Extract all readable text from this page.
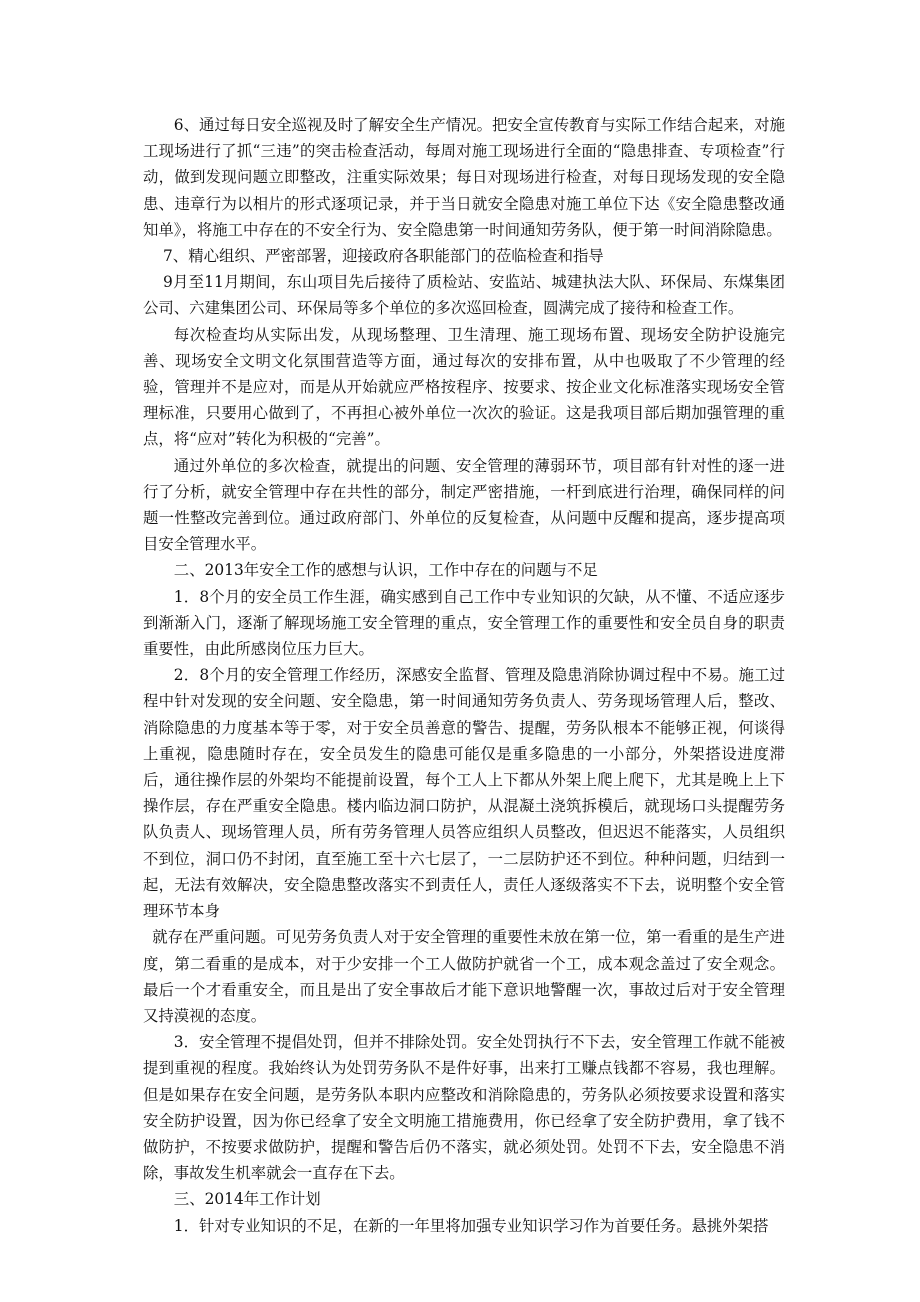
6、通过每日安全巡视及时了解安全生产情况。把安全宣传教育与实际工作结合起来，对施工现场进行了抓“三违”的突击检查活动，每周对施工现场进行全面的“隐患排查、专项检查”行动，做到发现问题立即整改，注重实际效果；每日对现场进行检查，对每日现场发现的安全隐患、违章行为以相片的形式逐项记录，并于当日就安全隐患对施工单位下达《安全隐患整改通知单》，将施工中存在的不安全行为、安全隐患第一时间通知劳务队，便于第一时间消除隐患。

7、精心组织、严密部署，迎接政府各职能部门的莅临检查和指导

9月至11月期间，东山项目先后接待了质检站、安监站、城建执法大队、环保局、东煤集团公司、六建集团公司、环保局等多个单位的多次巡回检查，圆满完成了接待和检查工作。

每次检查均从实际出发，从现场整理、卫生清理、施工现场布置、现场安全防护设施完善、现场安全文明文化氛围营造等方面，通过每次的安排布置，从中也吸取了不少管理的经验，管理并不是应对，而是从开始就应严格按程序、按要求、按企业文化标准落实现场安全管理标准，只要用心做到了，不再担心被外单位一次次的验证。这是我项目部后期加强管理的重点，将“应对”转化为积极的“完善”。

通过外单位的多次检查，就提出的问题、安全管理的薄弱环节，项目部有针对性的逐一进行了分析，就安全管理中存在共性的部分，制定严密措施，一杆到底进行治理，确保同样的问题一性整改完善到位。通过政府部门、外单位的反复检查，从问题中反醒和提高，逐步提高项目安全管理水平。

二、2013年安全工作的感想与认识，工作中存在的问题与不足

1．8个月的安全员工作生涯，确实感到自己工作中专业知识的欠缺，从不懂、不适应逐步到渐渐入门，逐渐了解现场施工安全管理的重点，安全管理工作的重要性和安全员自身的职责重要性，由此所感岗位压力巨大。

2．8个月的安全管理工作经历，深感安全监督、管理及隐患消除协调过程中不易。施工过程中针对发现的安全问题、安全隐患，第一时间通知劳务负责人、劳务现场管理人后，整改、消除隐患的力度基本等于零，对于安全员善意的警告、提醒，劳务队根本不能够正视，何谈得上重视，隐患随时存在，安全员发生的隐患可能仅是重多隐患的一小部分，外架搭设进度滞后，通往操作层的外架均不能提前设置，每个工人上下都从外架上爬上爬下，尤其是晚上上下操作层，存在严重安全隐患。楼内临边洞口防护，从混凝土浇筑拆模后，就现场口头提醒劳务队负责人、现场管理人员，所有劳务管理人员答应组织人员整改，但迟迟不能落实，人员组织不到位，洞口仍不封闭，直至施工至十六七层了，一二层防护还不到位。种种问题，归结到一起，无法有效解决，安全隐患整改落实不到责任人，责任人逐级落实不下去，说明整个安全管理环节本身

就存在严重问题。可见劳务负责人对于安全管理的重要性未放在第一位，第一看重的是生产进度，第二看重的是成本，对于少安排一个工人做防护就省一个工，成本观念盖过了安全观念。最后一个才看重安全，而且是出了安全事故后才能下意识地警醒一次，事故过后对于安全管理又持漠视的态度。

3．安全管理不提倡处罚，但并不排除处罚。安全处罚执行不下去，安全管理工作就不能被提到重视的程度。我始终认为处罚劳务队不是件好事，出来打工赚点钱都不容易，我也理解。但是如果存在安全问题，是劳务队本职内应整改和消除隐患的，劳务队必须按要求设置和落实安全防护设置，因为你已经拿了安全文明施工措施费用，你已经拿了安全防护费用，拿了钱不做防护，不按要求做防护，提醒和警告后仍不落实，就必须处罚。处罚不下去，安全隐患不消除，事故发生机率就会一直存在下去。

三、2014年工作计划

1．针对专业知识的不足，在新的一年里将加强专业知识学习作为首要任务。悬挑外架搭
